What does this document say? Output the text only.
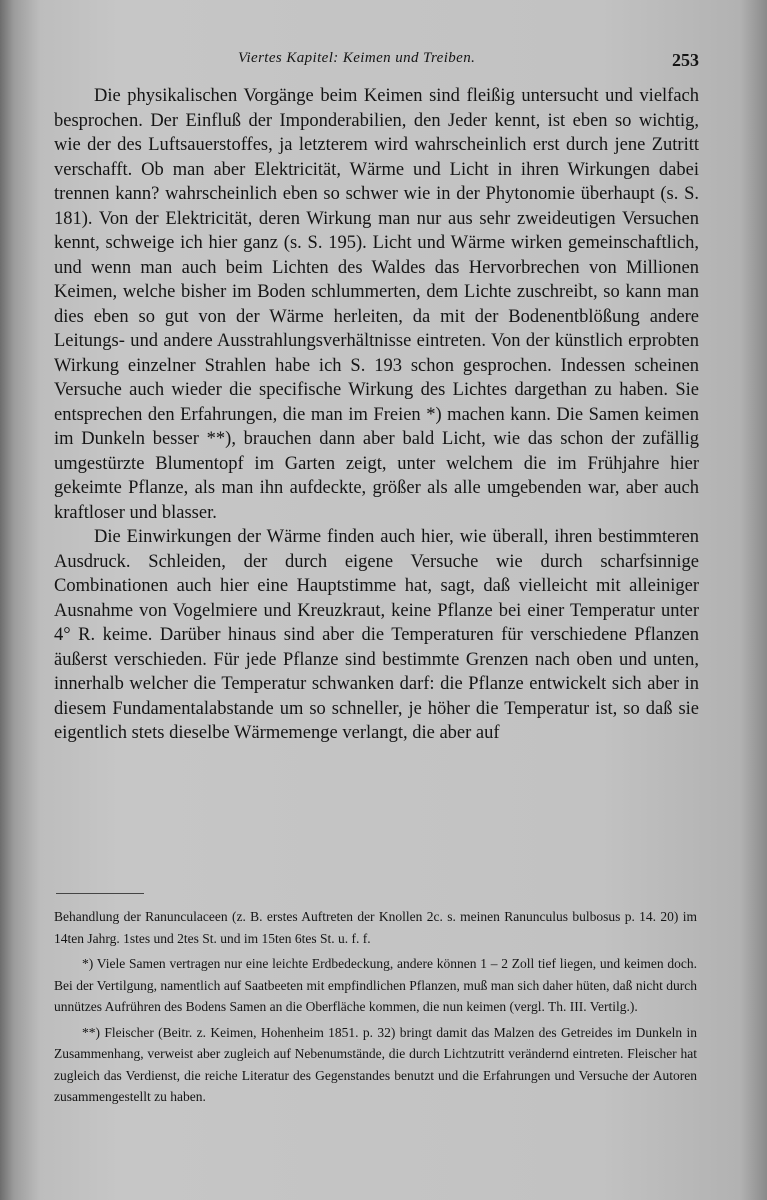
Viertes Kapitel: Keimen und Treiben.	253

Die physikalischen Vorgänge beim Keimen sind fleißig untersucht und vielfach besprochen. Der Einfluß der Imponderabilien, den Jeder kennt, ist eben so wichtig, wie der des Luftsauerstoffes, ja letzterem wird wahrscheinlich erst durch jene Zutritt verschafft. Ob man aber Elektricität, Wärme und Licht in ihren Wirkungen dabei trennen kann? wahrscheinlich eben so schwer wie in der Phytonomie überhaupt (s. S. 181). Von der Elektricität, deren Wirkung man nur aus sehr zweideutigen Versuchen kennt, schweige ich hier ganz (s. S. 195). Licht und Wärme wirken gemeinschaftlich, und wenn man auch beim Lichten des Waldes das Hervorbrechen von Millionen Keimen, welche bisher im Boden schlummerten, dem Lichte zuschreibt, so kann man dies eben so gut von der Wärme herleiten, da mit der Bodenentblößung andere Leitungs- und andere Ausstrahlungsverhältnisse eintreten. Von der künstlich erprobten Wirkung einzelner Strahlen habe ich S. 193 schon gesprochen. Indessen scheinen Versuche auch wieder die specifische Wirkung des Lichtes dargethan zu haben. Sie entsprechen den Erfahrungen, die man im Freien *) machen kann. Die Samen keimen im Dunkeln besser **), brauchen dann aber bald Licht, wie das schon der zufällig umgestürzte Blumentopf im Garten zeigt, unter welchem die im Frühjahre hier gekeimte Pflanze, als man ihn aufdeckte, größer als alle umgebenden war, aber auch kraftloser und blasser.

Die Einwirkungen der Wärme finden auch hier, wie überall, ihren bestimmteren Ausdruck. Schleiden, der durch eigene Versuche wie durch scharfsinnige Combinationen auch hier eine Hauptstimme hat, sagt, daß vielleicht mit alleiniger Ausnahme von Vogelmiere und Kreuzkraut, keine Pflanze bei einer Temperatur unter 4° R. keime. Darüber hinaus sind aber die Temperaturen für verschiedene Pflanzen äußerst verschieden. Für jede Pflanze sind bestimmte Grenzen nach oben und unten, innerhalb welcher die Temperatur schwanken darf: die Pflanze entwickelt sich aber in diesem Fundamentalabstande um so schneller, je höher die Temperatur ist, so daß sie eigentlich stets dieselbe Wärmemenge verlangt, die aber auf

Behandlung der Ranunculaceen (z. B. erstes Auftreten der Knollen 2c. s. meinen Ranunculus bulbosus p. 14. 20) im 14ten Jahrg. 1stes und 2tes St. und im 15ten 6tes St. u. f. f.

*) Viele Samen vertragen nur eine leichte Erdbedeckung, andere können 1 – 2 Zoll tief liegen, und keimen doch. Bei der Vertilgung, namentlich auf Saatbeeten mit empfindlichen Pflanzen, muß man sich daher hüten, daß nicht durch unnützes Aufrühren des Bodens Samen an die Oberfläche kommen, die nun keimen (vergl. Th. III. Vertilg.).

**) Fleischer (Beitr. z. Keimen, Hohenheim 1851. p. 32) bringt damit das Malzen des Getreides im Dunkeln in Zusammenhang, verweist aber zugleich auf Nebenumstände, die durch Lichtzutritt verändernd eintreten. Fleischer hat zugleich das Verdienst, die reiche Literatur des Gegenstandes benutzt und die Erfahrungen und Versuche der Autoren zusammengestellt zu haben.
